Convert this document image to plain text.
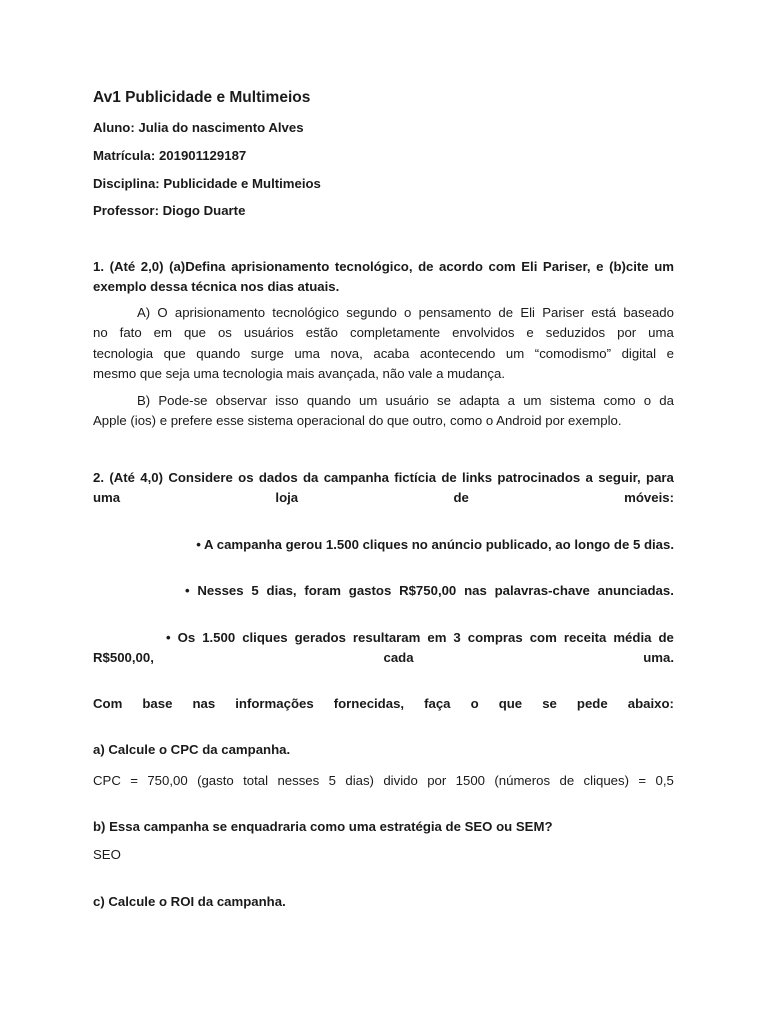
Av1 Publicidade e Multimeios
Aluno: Julia do nascimento Alves
Matrícula: 201901129187
Disciplina: Publicidade e Multimeios
Professor: Diogo Duarte
1. (Até 2,0) (a)Defina aprisionamento tecnológico, de acordo com Eli Pariser, e (b)cite um
exemplo dessa técnica nos dias atuais.
A) O aprisionamento tecnológico segundo o pensamento de Eli Pariser está baseado
no fato em que os usuários estão completamente envolvidos e seduzidos por uma
tecnologia que quando surge uma nova, acaba acontecendo um “comodismo” digital e
mesmo que seja uma tecnologia mais avançada, não vale a mudança.
B) Pode-se observar isso quando um usuário se adapta a um sistema como o da
Apple (ios) e prefere esse sistema operacional do que outro, como o Android por exemplo.
2. (Até 4,0) Considere os dados da campanha fictícia de links patrocinados a seguir, para
uma	loja	de	móveis:
• A campanha gerou 1.500 cliques no anúncio publicado, ao longo de 5 dias.
• Nesses 5 dias, foram gastos R$750,00 nas palavras-chave anunciadas.
• Os 1.500 cliques gerados resultaram em 3 compras com receita média de
R$500,00,	cada	uma.
Com base nas informações fornecidas, faça o que se pede abaixo:
a) Calcule o CPC da campanha.
CPC = 750,00 (gasto total nesses 5 dias) divido por 1500 (números de cliques) = 0,5
b) Essa campanha se enquadraria como uma estratégia de SEO ou SEM?
SEO
c) Calcule o ROI da campanha.
